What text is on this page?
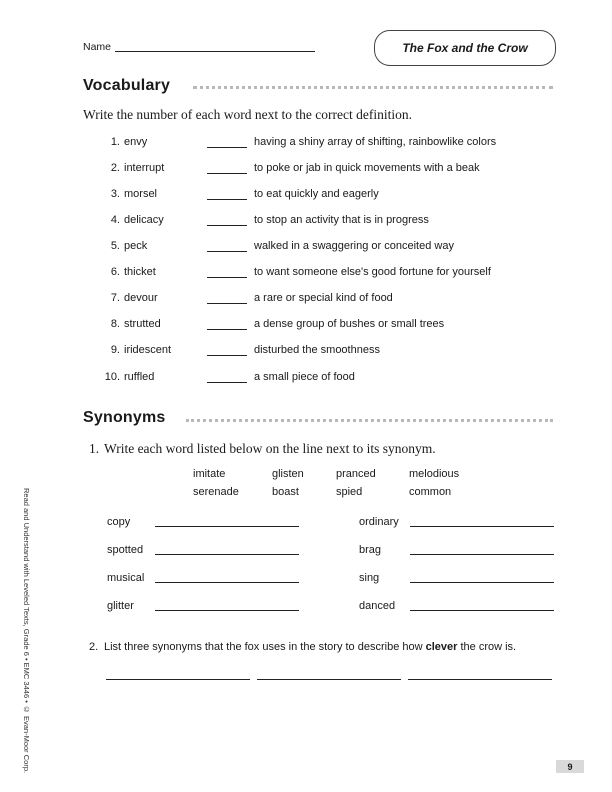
Name	The Fox and the Crow
Vocabulary
Write the number of each word next to the correct definition.
1. envy	having a shiny array of shifting, rainbowlike colors
2. interrupt	to poke or jab in quick movements with a beak
3. morsel	to eat quickly and eagerly
4. delicacy	to stop an activity that is in progress
5. peck	walked in a swaggering or conceited way
6. thicket	to want someone else's good fortune for yourself
7. devour	a rare or special kind of food
8. strutted	a dense group of bushes or small trees
9. iridescent	disturbed the smoothness
10. ruffled	a small piece of food
Synonyms
1. Write each word listed below on the line next to its synonym.
imitate	glisten	pranced	melodious
serenade	boast	spied	common
copy
spotted
musical
glitter
ordinary
brag
sing
danced
2. List three synonyms that the fox uses in the story to describe how clever the crow is.
Read and Understand with Leveled Texts, Grade 6 • EMC 3446 • © Evan-Moor Corp.	9
